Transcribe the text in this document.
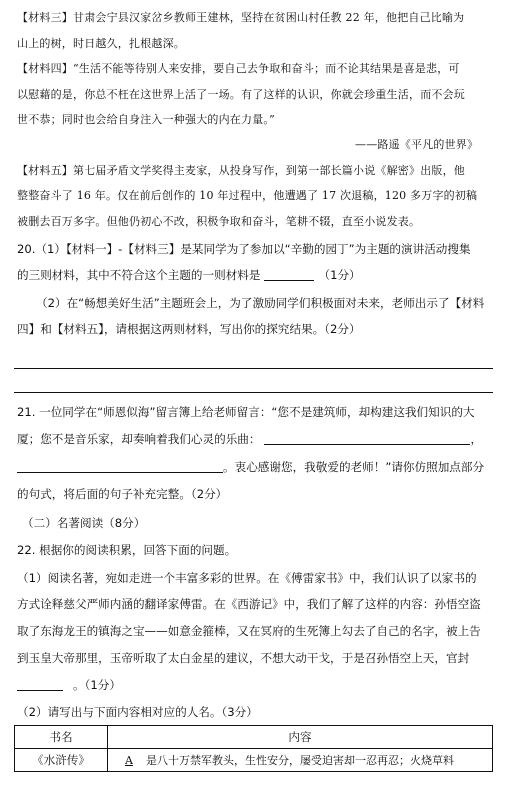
【材料三】甘肃会宁县汉家岔乡教师王建林，坚持在贫困山村任教 22 年，他把自己比喻为
山上的树，时日越久，扎根越深。
【材料四】“生活不能等待别人来安排，要自己去争取和奋斗；而不论其结果是喜是悲，可
以慰藉的是，你总不枉在这世界上活了一场。有了这样的认识，你就会珍重生活，而不会玩
世不恭；同时也会给自身注入一种强大的内在力量。”
——路遥《平凡的世界》
【材料五】第七届矛盾文学奖得主麦家，从投身写作，到第一部长篇小说《解密》出版，他
整整奋斗了 16 年。仅在前后创作的 10 年过程中，他遭遇了 17 次退稿，120 多万字的初稿
被删去百万多字。但他仍初心不改，积极争取和奋斗，笔耕不辍，直至小说发表。
20.（1）【材料一】-【材料三】是某同学为了参加以“辛勤的园丁”为主题的演讲活动搜集
的三则材料，其中不符合这个主题的一则材料是	（1分）
（2）在“畅想美好生活”主题班会上，为了激励同学们积极面对未来，老师出示了【材料
四】和【材料五】，请根据这两则材料，写出你的探究结果。（2分）
21. 一位同学在“师恩似海”留言簿上给老师留言：“您不是建筑师，却构建这我们知识的大
厦；您不是音乐家，却奏响着我们心灵的乐曲：	，
。衷心感谢您，我敬爱的老师！”请你仿照加点部分
的句式，将后面的句子补充完整。（2分）
（二）名著阅读（8分）
22. 根据你的阅读积累，回答下面的问题。
（1）阅读名著，宛如走进一个丰富多彩的世界。在《傅雷家书》中，我们认识了以家书的
方式诠释慈父严师内涵的翻译家傅雷。在《西游记》中，我们了解了这样的内容：孙悟空盗
取了东海龙王的镇海之宝——如意金箍棒，又在冥府的生死簿上勾去了自己的名字，被上告
到玉皇大帝那里，玉帝听取了太白金星的建议，不想大动干戈，于是召孙悟空上天，官封
。（1分）
（2）请写出与下面内容相对应的人名。（3分）
书名	内容
《水浒传》	A 是八十万禁军教头，生性安分，屡受迫害却一忍再忍；火烧草料
